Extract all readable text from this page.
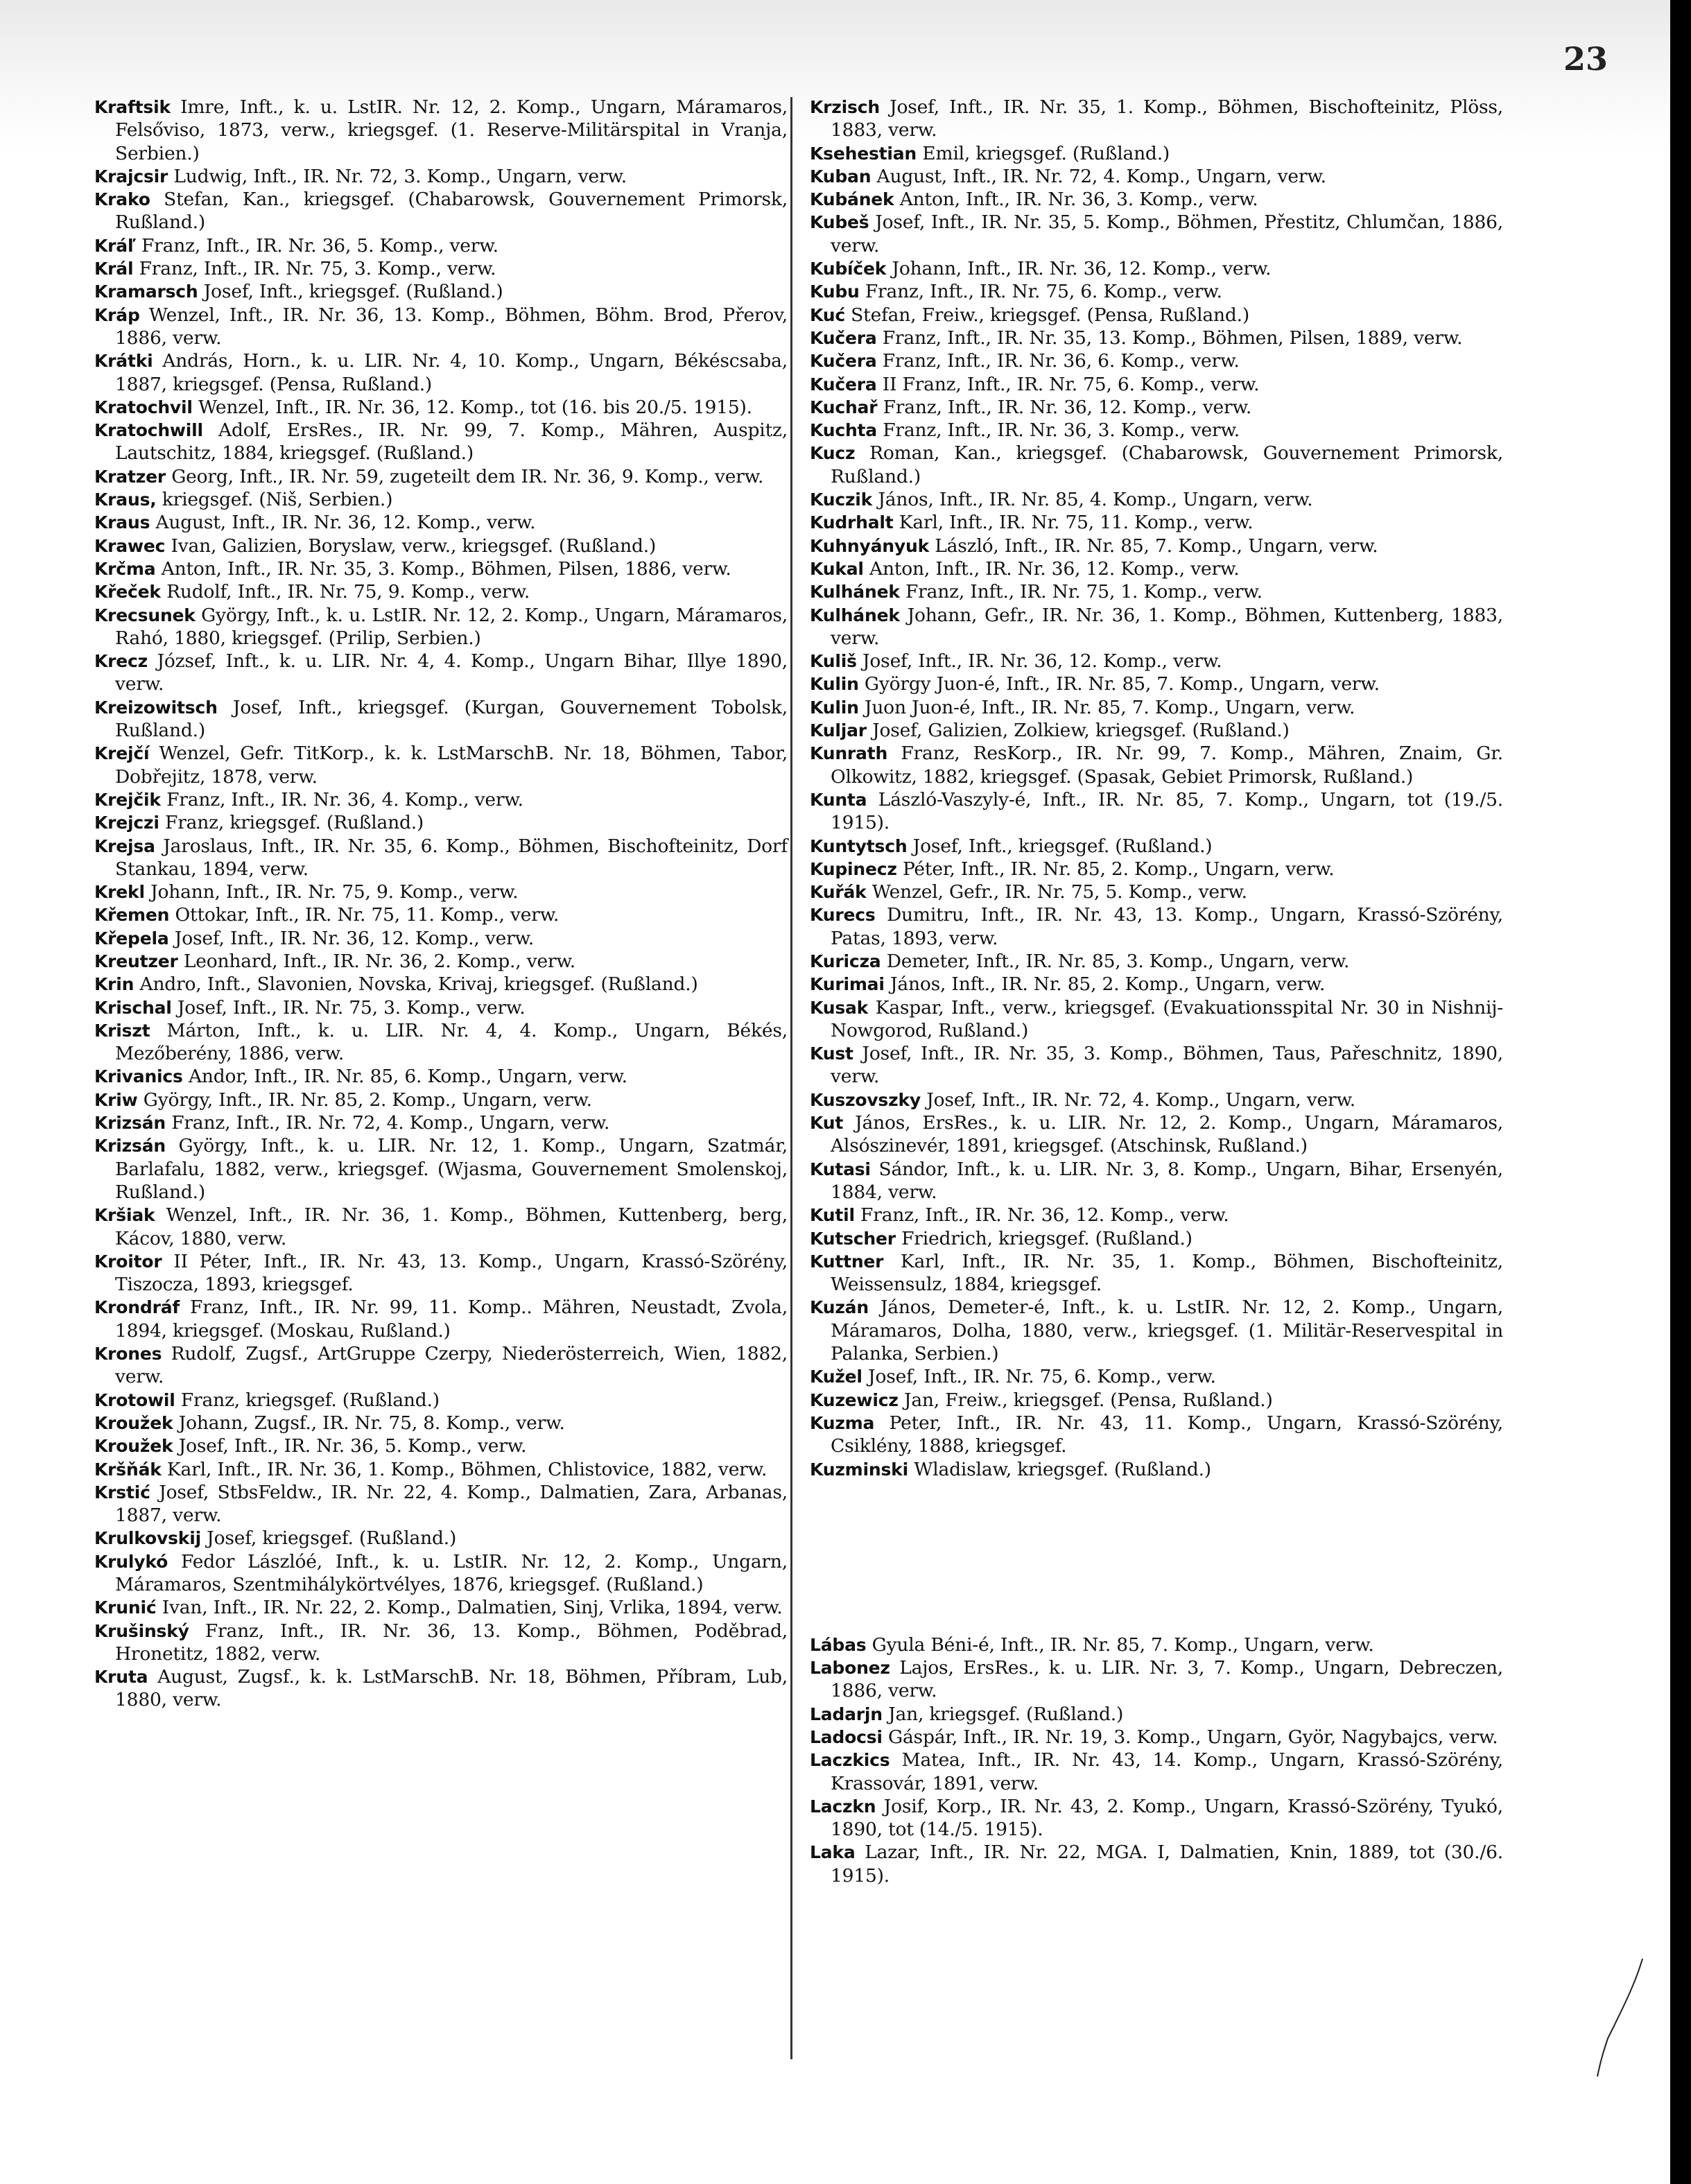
23

Kraftsik Imre, Inft., k. u. LstIR. Nr. 12, 2. Komp., Ungarn, Máramaros, Felsőviso, 1873, verw., kriegsgef. (1. Reserve-Militärspital in Vranja, Serbien.)

Krajcsir Ludwig, Inft., IR. Nr. 72, 3. Komp., Ungarn, verw.

Krako Stefan, Kan., kriegsgef. (Chabarowsk, Gouvernement Primorsk, Rußland.)

Kráľ Franz, Inft., IR. Nr. 36, 5. Komp., verw.

Král Franz, Inft., IR. Nr. 75, 3. Komp., verw.

Kramarsch Josef, Inft., kriegsgef. (Rußland.)

Kráp Wenzel, Inft., IR. Nr. 36, 13. Komp., Böhmen, Böhm. Brod, Přerov, 1886, verw.

Krátki András, Horn., k. u. LIR. Nr. 4, 10. Komp., Ungarn, Békéscsaba, 1887, kriegsgef. (Pensa, Rußland.)

Kratochvil Wenzel, Inft., IR. Nr. 36, 12. Komp., tot (16. bis 20./5. 1915).

Kratochwill Adolf, ErsRes., IR. Nr. 99, 7. Komp., Mähren, Auspitz, Lautschitz, 1884, kriegsgef. (Rußland.)

Kratzer Georg, Inft., IR. Nr. 59, zugeteilt dem IR. Nr. 36, 9. Komp., verw.

Kraus, kriegsgef. (Niš, Serbien.)

Kraus August, Inft., IR. Nr. 36, 12. Komp., verw.

Krawec Ivan, Galizien, Boryslaw, verw., kriegsgef. (Rußland.)

Krčma Anton, Inft., IR. Nr. 35, 3. Komp., Böhmen, Pilsen, 1886, verw.

Křeček Rudolf, Inft., IR. Nr. 75, 9. Komp., verw.

Krecsunek György, Inft., k. u. LstIR. Nr. 12, 2. Komp., Ungarn, Máramaros, Rahó, 1880, kriegsgef. (Prilip, Serbien.)

Krecz József, Inft., k. u. LIR. Nr. 4, 4. Komp., Ungarn Bihar, Illye 1890, verw.

Kreizowitsch Josef, Inft., kriegsgef. (Kurgan, Gouvernement Tobolsk, Rußland.)

Krejčí Wenzel, Gefr. TitKorp., k. k. LstMarschB. Nr. 18, Böhmen, Tabor, Dobřejitz, 1878, verw.

Krejčik Franz, Inft., IR. Nr. 36, 4. Komp., verw.

Krejczi Franz, kriegsgef. (Rußland.)

Krejsa Jaroslaus, Inft., IR. Nr. 35, 6. Komp., Böhmen, Bischofteinitz, Dorf Stankau, 1894, verw.

Krekl Johann, Inft., IR. Nr. 75, 9. Komp., verw.

Křemen Ottokar, Inft., IR. Nr. 75, 11. Komp., verw.

Křepela Josef, Inft., IR. Nr. 36, 12. Komp., verw.

Kreutzer Leonhard, Inft., IR. Nr. 36, 2. Komp., verw.

Krin Andro, Inft., Slavonien, Novska, Krivaj, kriegsgef. (Rußland.)

Krischal Josef, Inft., IR. Nr. 75, 3. Komp., verw.

Kriszt Márton, Inft., k. u. LIR. Nr. 4, 4. Komp., Ungarn, Békés, Mezőberény, 1886, verw.

Krivanics Andor, Inft., IR. Nr. 85, 6. Komp., Ungarn, verw.

Kriw György, Inft., IR. Nr. 85, 2. Komp., Ungarn, verw.

Krizsán Franz, Inft., IR. Nr. 72, 4. Komp., Ungarn, verw.

Krizsán György, Inft., k. u. LIR. Nr. 12, 1. Komp., Ungarn, Szatmár, Barlafalu, 1882, verw., kriegsgef. (Wjasma, Gouvernement Smolenskoj, Rußland.)

Kršiak Wenzel, Inft., IR. Nr. 36, 1. Komp., Böhmen, Kuttenberg, berg, Kácov, 1880, verw.

Kroitor II Péter, Inft., IR. Nr. 43, 13. Komp., Ungarn, Krassó-Szörény, Tiszocza, 1893, kriegsgef.

Krondráf Franz, Inft., IR. Nr. 99, 11. Komp.. Mähren, Neustadt, Zvola, 1894, kriegsgef. (Moskau, Rußland.)

Krones Rudolf, Zugsf., ArtGruppe Czerpy, Niederösterreich, Wien, 1882, verw.

Krotowil Franz, kriegsgef. (Rußland.)

Kroužek Johann, Zugsf., IR. Nr. 75, 8. Komp., verw.

Kroužek Josef, Inft., IR. Nr. 36, 5. Komp., verw.

Kršňák Karl, Inft., IR. Nr. 36, 1. Komp., Böhmen, Chlistovice, 1882, verw.

Krstić Josef, StbsFeldw., IR. Nr. 22, 4. Komp., Dalmatien, Zara, Arbanas, 1887, verw.

Krulkovskij Josef, kriegsgef. (Rußland.)

Krulykó Fedor Lászlóé, Inft., k. u. LstIR. Nr. 12, 2. Komp., Ungarn, Máramaros, Szentmihálykörtvélyes, 1876, kriegsgef. (Rußland.)

Krunić Ivan, Inft., IR. Nr. 22, 2. Komp., Dalmatien, Sinj, Vrlika, 1894, verw.

Krušinský Franz, Inft., IR. Nr. 36, 13. Komp., Böhmen, Poděbrad, Hronetitz, 1882, verw.

Kruta August, Zugsf., k. k. LstMarschB. Nr. 18, Böhmen, Příbram, Lub, 1880, verw.

Krzisch Josef, Inft., IR. Nr. 35, 1. Komp., Böhmen, Bischofteinitz, Plöss, 1883, verw.

Ksehestian Emil, kriegsgef. (Rußland.)

Kuban August, Inft., IR. Nr. 72, 4. Komp., Ungarn, verw.

Kubánek Anton, Inft., IR. Nr. 36, 3. Komp., verw.

Kubeš Josef, Inft., IR. Nr. 35, 5. Komp., Böhmen, Přestitz, Chlumčan, 1886, verw.

Kubíček Johann, Inft., IR. Nr. 36, 12. Komp., verw.

Kubu Franz, Inft., IR. Nr. 75, 6. Komp., verw.

Kuć Stefan, Freiw., kriegsgef. (Pensa, Rußland.)

Kučera Franz, Inft., IR. Nr. 35, 13. Komp., Böhmen, Pilsen, 1889, verw.

Kučera Franz, Inft., IR. Nr. 36, 6. Komp., verw.

Kučera II Franz, Inft., IR. Nr. 75, 6. Komp., verw.

Kuchař Franz, Inft., IR. Nr. 36, 12. Komp., verw.

Kuchta Franz, Inft., IR. Nr. 36, 3. Komp., verw.

Kucz Roman, Kan., kriegsgef. (Chabarowsk, Gouvernement Primorsk, Rußland.)

Kuczik János, Inft., IR. Nr. 85, 4. Komp., Ungarn, verw.

Kudrhalt Karl, Inft., IR. Nr. 75, 11. Komp., verw.

Kuhnyányuk László, Inft., IR. Nr. 85, 7. Komp., Ungarn, verw.

Kukal Anton, Inft., IR. Nr. 36, 12. Komp., verw.

Kulhánek Franz, Inft., IR. Nr. 75, 1. Komp., verw.

Kulhánek Johann, Gefr., IR. Nr. 36, 1. Komp., Böhmen, Kuttenberg, 1883, verw.

Kuliš Josef, Inft., IR. Nr. 36, 12. Komp., verw.

Kulin György Juon-é, Inft., IR. Nr. 85, 7. Komp., Ungarn, verw.

Kulin Juon Juon-é, Inft., IR. Nr. 85, 7. Komp., Ungarn, verw.

Kuljar Josef, Galizien, Zolkiew, kriegsgef. (Rußland.)

Kunrath Franz, ResKorp., IR. Nr. 99, 7. Komp., Mähren, Znaim, Gr. Olkowitz, 1882, kriegsgef. (Spasak, Gebiet Primorsk, Rußland.)

Kunta László-Vaszyly-é, Inft., IR. Nr. 85, 7. Komp., Ungarn, tot (19./5. 1915).

Kuntytsch Josef, Inft., kriegsgef. (Rußland.)

Kupinecz Péter, Inft., IR. Nr. 85, 2. Komp., Ungarn, verw.

Kuřák Wenzel, Gefr., IR. Nr. 75, 5. Komp., verw.

Kurecs Dumitru, Inft., IR. Nr. 43, 13. Komp., Ungarn, Krassó-Szörény, Patas, 1893, verw.

Kuricza Demeter, Inft., IR. Nr. 85, 3. Komp., Ungarn, verw.

Kurimai János, Inft., IR. Nr. 85, 2. Komp., Ungarn, verw.

Kusak Kaspar, Inft., verw., kriegsgef. (Evakuationsspital Nr. 30 in Nishnij-Nowgorod, Rußland.)

Kust Josef, Inft., IR. Nr. 35, 3. Komp., Böhmen, Taus, Pařeschnitz, 1890, verw.

Kuszovszky Josef, Inft., IR. Nr. 72, 4. Komp., Ungarn, verw.

Kut János, ErsRes., k. u. LIR. Nr. 12, 2. Komp., Ungarn, Máramaros, Alsószinevér, 1891, kriegsgef. (Atschinsk, Rußland.)

Kutasi Sándor, Inft., k. u. LIR. Nr. 3, 8. Komp., Ungarn, Bihar, Ersenyén, 1884, verw.

Kutil Franz, Inft., IR. Nr. 36, 12. Komp., verw.

Kutscher Friedrich, kriegsgef. (Rußland.)

Kuttner Karl, Inft., IR. Nr. 35, 1. Komp., Böhmen, Bischofteinitz, Weissensulz, 1884, kriegsgef.

Kuzán János, Demeter-é, Inft., k. u. LstIR. Nr. 12, 2. Komp., Ungarn, Máramaros, Dolha, 1880, verw., kriegsgef. (1. Militär-Reservespital in Palanka, Serbien.)

Kužel Josef, Inft., IR. Nr. 75, 6. Komp., verw.

Kuzewicz Jan, Freiw., kriegsgef. (Pensa, Rußland.)

Kuzma Peter, Inft., IR. Nr. 43, 11. Komp., Ungarn, Krassó-Szörény, Csiklény, 1888, kriegsgef.

Kuzminski Wladislaw, kriegsgef. (Rußland.)

Lábas Gyula Béni-é, Inft., IR. Nr. 85, 7. Komp., Ungarn, verw.

Labonez Lajos, ErsRes., k. u. LIR. Nr. 3, 7. Komp., Ungarn, Debreczen, 1886, verw.

Ladarjn Jan, kriegsgef. (Rußland.)

Ladocsi Gáspár, Inft., IR. Nr. 19, 3. Komp., Ungarn, Györ, Nagybajcs, verw.

Laczkics Matea, Inft., IR. Nr. 43, 14. Komp., Ungarn, Krassó-Szörény, Krassovár, 1891, verw.

Laczkn Josif, Korp., IR. Nr. 43, 2. Komp., Ungarn, Krassó-Szörény, Tyukó, 1890, tot (14./5. 1915).

Laka Lazar, Inft., IR. Nr. 22, MGA. I, Dalmatien, Knin, 1889, tot (30./6. 1915).
